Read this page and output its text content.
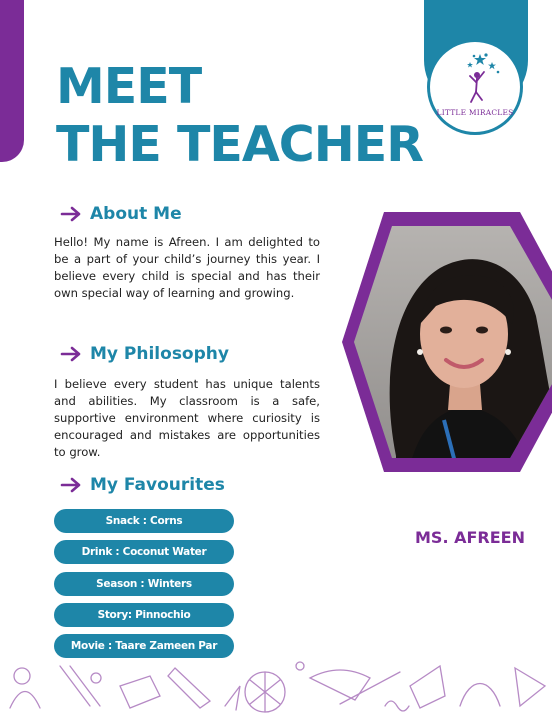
MEET
THE TEACHER
LITTLE MIRACLES
About Me

Hello! My name is Afreen. I am delighted to be a part of your child’s journey this year. I believe every child is special and has their own special way of learning and growing.

My Philosophy

I believe every student has unique talents and abilities. My classroom is a safe, supportive environment where curiosity is encouraged and mistakes are opportunities to grow.

My Favourites
Snack : Corns
Drink : Coconut Water
Season : Winters
Story: Pinnochio
Movie : Taare Zameen Par
MS. AFREEN
